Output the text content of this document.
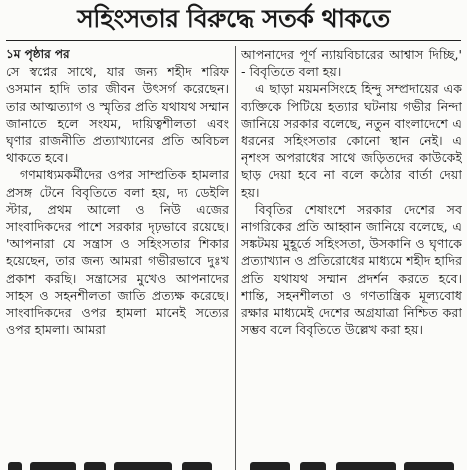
সহিংসতার বিরুদ্ধে সতর্ক থাকতে
১ম পৃষ্ঠার পর
সে স্বপ্নের সাথে, যার জন্য শহীদ শরিফ ওসমান হাদি তার জীবন উৎসর্গ করেছেন। তার আত্মত্যাগ ও স্মৃতির প্রতি যথাযথ সম্মান জানাতে হলে সংযম, দায়িত্বশীলতা এবং ঘৃণার রাজনীতি প্রত্যাখ্যানের প্রতি অবিচল থাকতে হবে।
গণমাধ্যমকর্মীদের ওপর সাম্প্রতিক হামলার প্রসঙ্গ টেনে বিবৃতিতে বলা হয়, দ্য ডেইলি স্টার, প্রথম আলো ও নিউ এজের সাংবাদিকদের পাশে সরকার দৃঢ়ভাবে রয়েছে। 'আপনারা যে সন্ত্রাস ও সহিংসতার শিকার হয়েছেন, তার জন্য আমরা গভীরভাবে দুঃখ প্রকাশ করছি। সন্ত্রাসের মুখেও আপনাদের সাহস ও সহনশীলতা জাতি প্রত্যক্ষ করেছে। সাংবাদিকদের ওপর হামলা মানেই সত্যের ওপর হামলা। আমরা
আপনাদের পূর্ণ ন্যায়বিচারের আশ্বাস দিচ্ছি,' - বিবৃতিতে বলা হয়।
এ ছাড়া ময়মনসিংহে হিন্দু সম্প্রদায়ের এক ব্যক্তিকে পিটিয়ে হত্যার ঘটনায় গভীর নিন্দা জানিয়ে সরকার বলেছে, নতুন বাংলাদেশে এ ধরনের সহিংসতার কোনো স্থান নেই। এ নৃশংস অপরাধের সাথে জড়িতদের কাউকেই ছাড় দেয়া হবে না বলে কঠোর বার্তা দেয়া হয়।
বিবৃতির শেষাংশে সরকার দেশের সব নাগরিকের প্রতি আহ্বান জানিয়ে বলেছে, এ সঙ্কটময় মুহূর্তে সহিংসতা, উসকানি ও ঘৃণাকে প্রত্যাখ্যান ও প্রতিরোধের মাধ্যমে শহীদ হাদির প্রতি যথাযথ সম্মান প্রদর্শন করতে হবে। শান্তি, সহনশীলতা ও গণতান্ত্রিক মূল্যবোধ রক্ষার মাধ্যমেই দেশের অগ্রযাত্রা নিশ্চিত করা সম্ভব বলে বিবৃতিতে উল্লেখ করা হয়।
